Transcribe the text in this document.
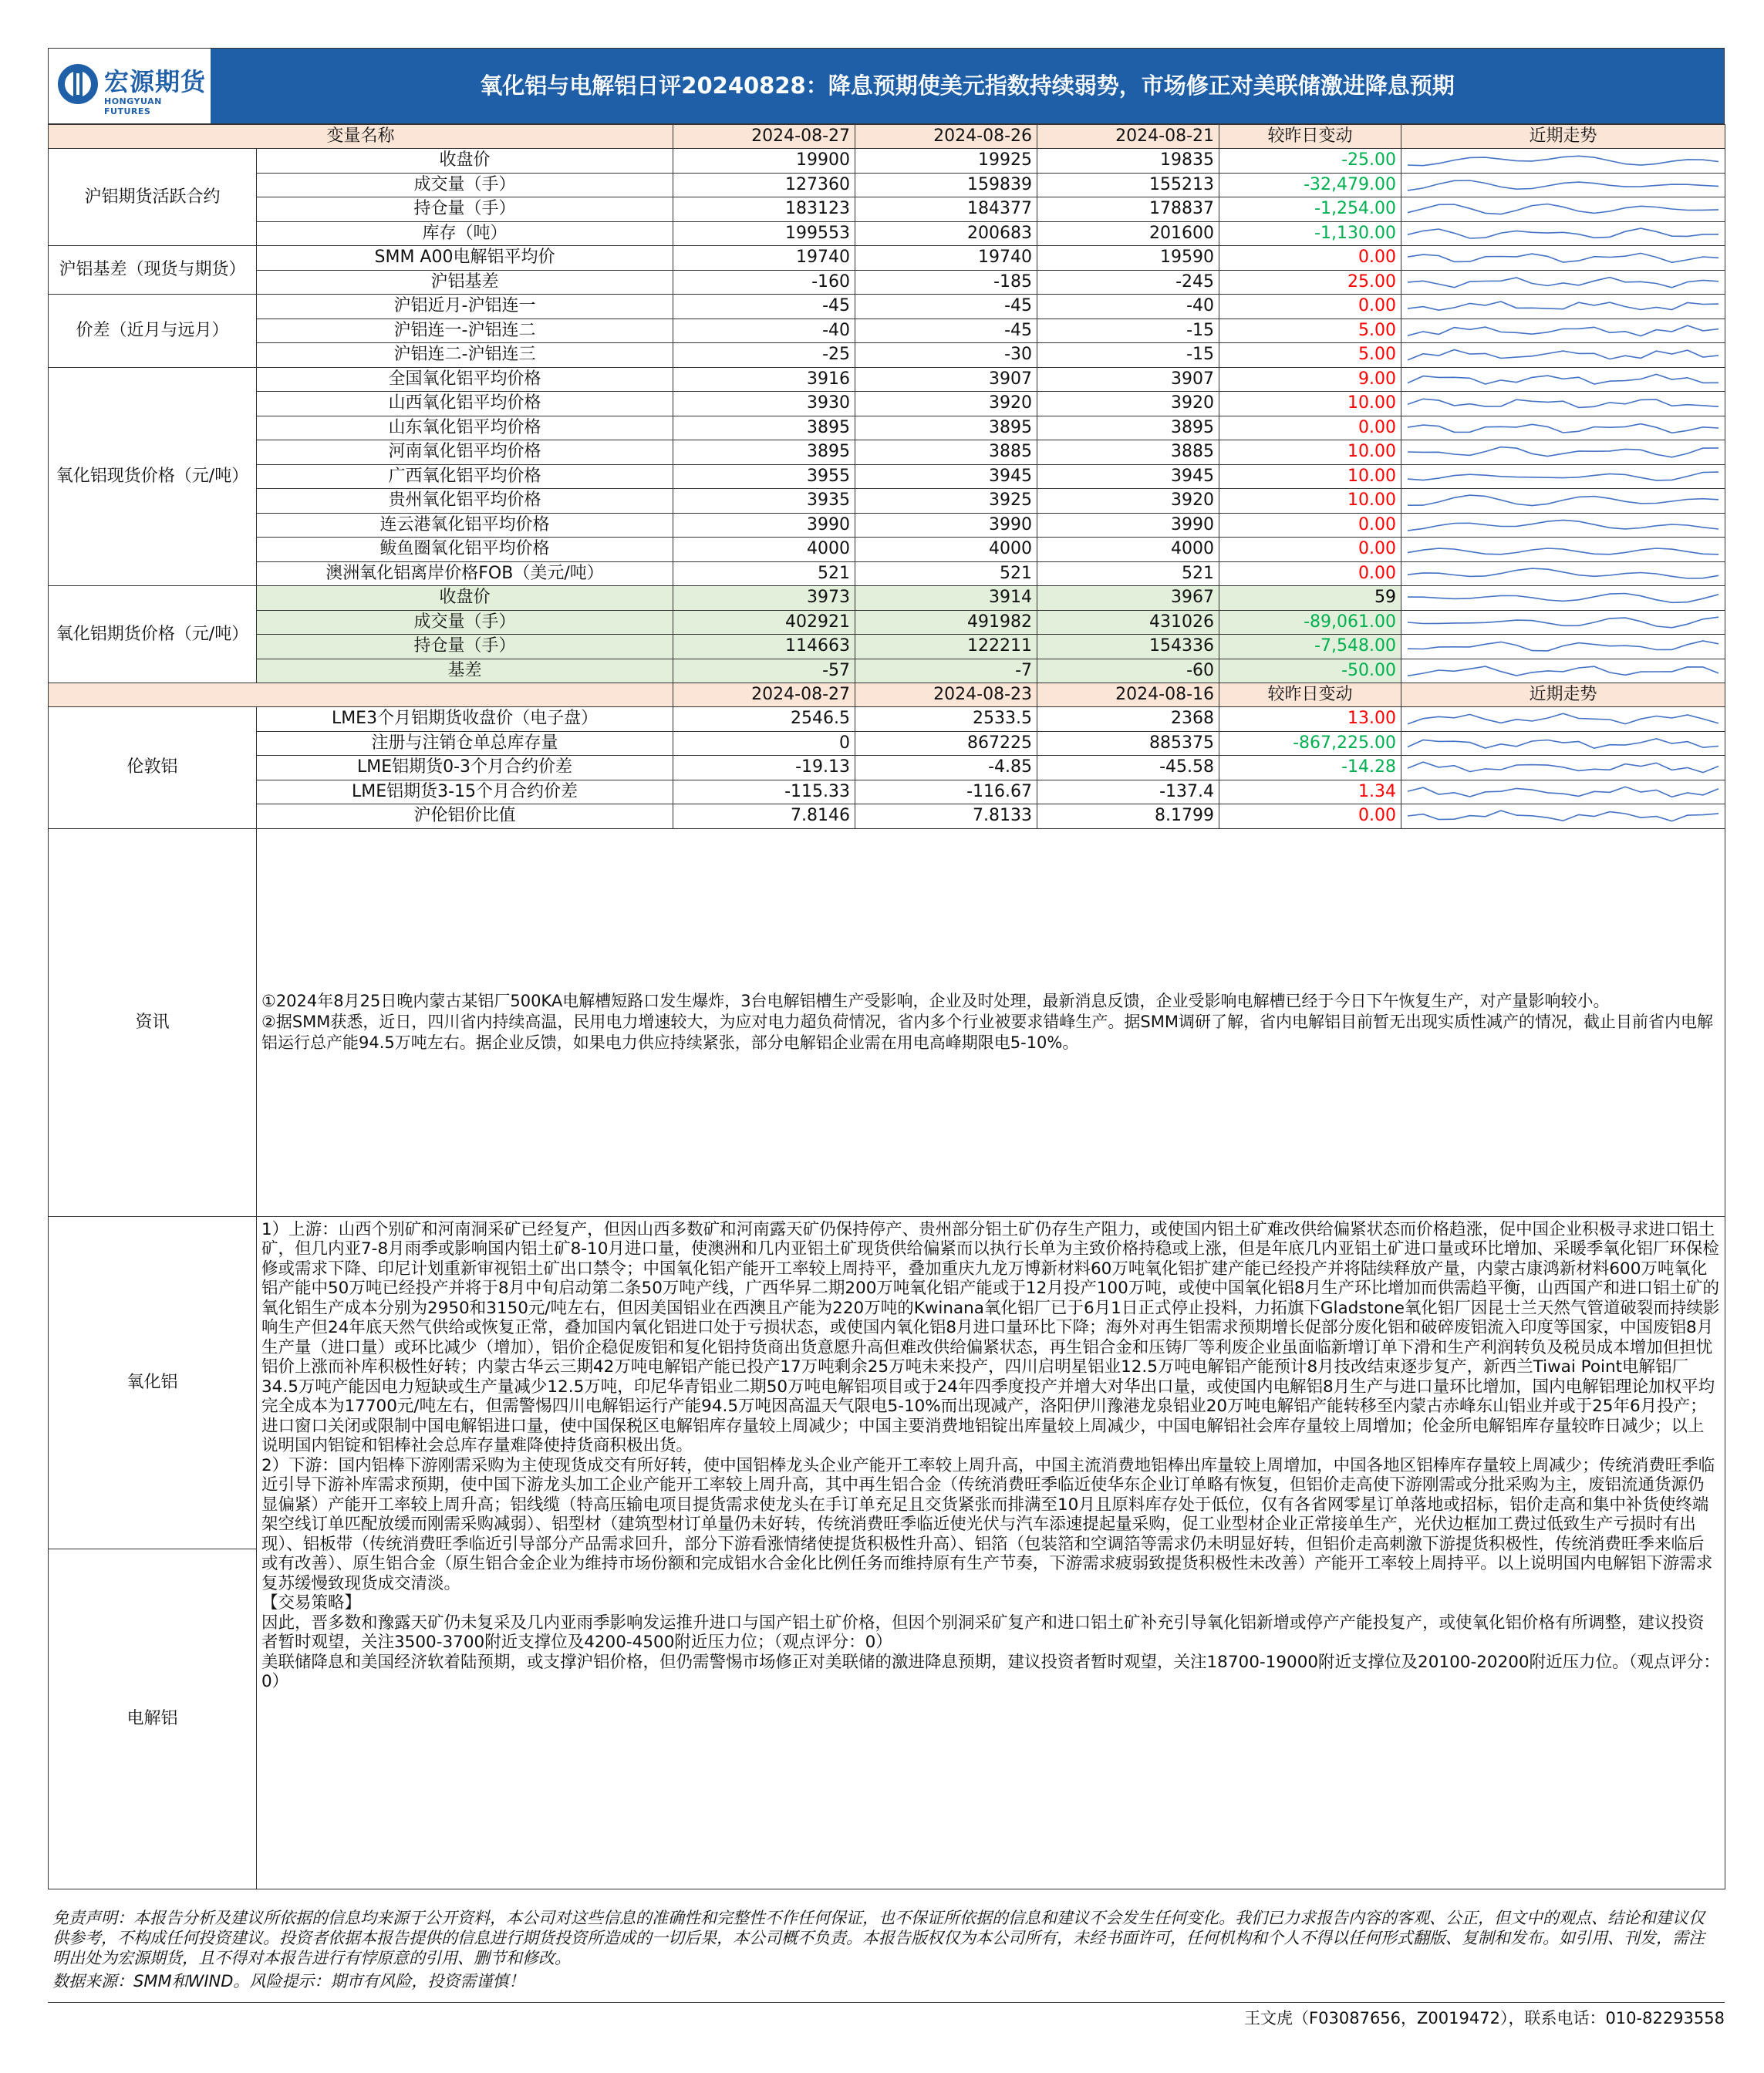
宏源期货
HONGYUAN FUTURES
氧化铝与电解铝日评20240828：降息预期使美元指数持续弱势，市场修正对美联储激进降息预期
变量名称		2024-08-27	2024-08-26	2024-08-21	较昨日变动	近期走势
沪铝期货活跃合约	收盘价	19900	19925	19835	-25.00	

	成交量（手）	127360	159839	155213	-32,479.00	

	持仓量（手）	183123	184377	178837	-1,254.00	

	库存（吨）	199553	200683	201600	-1,130.00	

沪铝基差（现货与期货）	SMM A00电解铝平均价	19740	19740	19590	0.00	

	沪铝基差	-160	-185	-245	25.00	

价差（近月与远月）	沪铝近月-沪铝连一	-45	-45	-40	0.00	

	沪铝连一-沪铝连二	-40	-45	-15	5.00	

	沪铝连二-沪铝连三	-25	-30	-15	5.00	

氧化铝现货价格（元/吨）	全国氧化铝平均价格	3916	3907	3907	9.00	

	山西氧化铝平均价格	3930	3920	3920	10.00	

	山东氧化铝平均价格	3895	3895	3895	0.00	

	河南氧化铝平均价格	3895	3885	3885	10.00	

	广西氧化铝平均价格	3955	3945	3945	10.00	

	贵州氧化铝平均价格	3935	3925	3920	10.00	

	连云港氧化铝平均价格	3990	3990	3990	0.00	

	鲅鱼圈氧化铝平均价格	4000	4000	4000	0.00	

	澳洲氧化铝离岸价格FOB（美元/吨）	521	521	521	0.00	

氧化铝期货价格（元/吨）	收盘价	3973	3914	3967	59	

	成交量（手）	402921	491982	431026	-89,061.00	

	持仓量（手）	114663	122211	154336	-7,548.00	

	基差	-57	-7	-60	-50.00	

		2024-08-27	2024-08-23	2024-08-16	较昨日变动	近期走势
伦敦铝	LME3个月铝期货收盘价（电子盘）	2546.5	2533.5	2368	13.00	

	注册与注销仓单总库存量	0	867225	885375	-867,225.00	

	LME铝期货0-3个月合约价差	-19.13	-4.85	-45.58	-14.28	

	LME铝期货3-15个月合约价差	-115.33	-116.67	-137.4	1.34	

	沪伦铝价比值	7.8146	7.8133	8.1799	0.00	

资讯	①2024年8月25日晚内蒙古某铝厂500KA电解槽短路口发生爆炸，3台电解铝槽生产受影响，企业及时处理，最新消息反馈，企业受影响电解槽已经于今日下午恢复生产，对产量影响较小。

②据SMM获悉，近日，四川省内持续高温，民用电力增速较大，为应对电力超负荷情况，省内多个行业被要求错峰生产。据SMM调研了解，省内电解铝目前暂无出现实质性减产的情况，截止目前省内电解铝运行总产能94.5万吨左右。据企业反馈，如果电力供应持续紧张，部分电解铝企业需在用电高峰期限电5-10%。					

氧化铝	1）上游：山西个别矿和河南洞采矿已经复产，但因山西多数矿和河南露天矿仍保持停产、贵州部分铝土矿仍存生产阻力，或使国内铝土矿难改供给偏紧状态而价格趋涨，促中国企业积极寻求进口铝土矿，但几内亚7-8月雨季或影响国内铝土矿8-10月进口量，使澳洲和几内亚铝土矿现货供给偏紧而以执行长单为主致价格持稳或上涨，但是年底几内亚铝土矿进口量或环比增加、采暖季氧化铝厂环保检修或需求下降、印尼计划重新审视铝土矿出口禁令；中国氧化铝产能开工率较上周持平，叠加重庆九龙万博新材料60万吨氧化铝扩建产能已经投产并将陆续释放产量，内蒙古康鸿新材料600万吨氧化铝产能中50万吨已经投产并将于8月中旬启动第二条50万吨产线，广西华昇二期200万吨氧化铝产能或于12月投产100万吨，或使中国氧化铝8月生产环比增加而供需趋平衡，山西国产和进口铝土矿的氧化铝生产成本分别为2950和3150元/吨左右，但因美国铝业在西澳且产能为220万吨的Kwinana氧化铝厂已于6月1日正式停止投料，力拓旗下Gladstone氧化铝厂因昆士兰天然气管道破裂而持续影响生产但24年底天然气供给或恢复正常，叠加国内氧化铝进口处于亏损状态，或使国内氧化铝8月进口量环比下降；海外对再生铝需求预期增长促部分废化铝和破碎废铝流入印度等国家，中国废铝8月生产量（进口量）或环比减少（增加），铝价企稳促废铝和复化铝持货商出货意愿升高但难改供给偏紧状态，再生铝合金和压铸厂等利废企业虽面临新增订单下滑和生产利润转负及税员成本增加但担忧铝价上涨而补库积极性好转；内蒙古华云三期42万吨电解铝产能已投产17万吨剩余25万吨未来投产，四川启明星铝业12.5万吨电解铝产能预计8月技改结束逐步复产，新西兰Tiwai Point电解铝厂34.5万吨产能因电力短缺或生产量减少12.5万吨，印尼华青铝业二期50万吨电解铝项目或于24年四季度投产并增大对华出口量，或使国内电解铝8月生产与进口量环比增加，国内电解铝理论加权平均完全成本为17700元/吨左右，但需警惕四川电解铝运行产能94.5万吨因高温天气限电5-10%而出现减产，洛阳伊川豫港龙泉铝业20万吨电解铝产能转移至内蒙古赤峰东山铝业并或于25年6月投产；进口窗口关闭或限制中国电解铝进口量，使中国保税区电解铝库存量较上周减少；中国主要消费地铝锭出库量较上周减少，中国电解铝社会库存量较上周增加；伦金所电解铝库存量较昨日减少；以上说明国内铝锭和铝棒社会总库存量难降使持货商积极出货。

2）下游：国内铝棒下游刚需采购为主使现货成交有所好转，使中国铝棒龙头企业产能开工率较上周升高，中国主流消费地铝棒出库量较上周增加，中国各地区铝棒库存量较上周减少；传统消费旺季临近引导下游补库需求预期，使中国下游龙头加工企业产能开工率较上周升高，其中再生铝合金（传统消费旺季临近使华东企业订单略有恢复，但铝价走高使下游刚需或分批采购为主，废铝流通货源仍显偏紧）产能开工率较上周升高；铝线缆（特高压输电项目提货需求使龙头在手订单充足且交货紧张而排满至10月且原料库存处于低位，仅有各省网零星订单落地或招标，铝价走高和集中补货使终端架空线订单匹配放缓而刚需采购减弱）、铝型材（建筑型材订单量仍未好转，传统消费旺季临近使光伏与汽车添速提起量采购，促工业型材企业正常接单生产，光伏边框加工费过低致生产亏损时有出现）、铝板带（传统消费旺季临近引导部分产品需求回升，部分下游看涨情绪使提货积极性升高）、铝箔（包装箔和空调箔等需求仍未明显好转，但铝价走高刺激下游提货积极性，传统消费旺季来临后或有改善）、原生铝合金（原生铝合金企业为维持市场份额和完成铝水合金化比例任务而维持原有生产节奏，下游需求疲弱致提货积极性未改善）产能开工率较上周持平。以上说明国内电解铝下游需求复苏缓慢致现货成交清淡。

【交易策略】

因此，晋多数和豫露天矿仍未复采及几内亚雨季影响发运推升进口与国产铝土矿价格，但因个别洞采矿复产和进口铝土矿补充引导氧化铝新增或停产产能投复产，或使氧化铝价格有所调整，建议投资者暂时观望，关注3500-3700附近支撑位及4200-4500附近压力位；（观点评分：0）

美联储降息和美国经济软着陆预期，或支撑沪铝价格，但仍需警惕市场修正对美联储的激进降息预期，建议投资者暂时观望，关注18700-19000附近支撑位及20100-20200附近压力位。（观点评分：0）					

电解铝						
免责声明：本报告分析及建议所依据的信息均来源于公开资料，本公司对这些信息的准确性和完整性不作任何保证，也不保证所依据的信息和建议不会发生任何变化。我们已力求报告内容的客观、公正，但文中的观点、结论和建议仅供参考，不构成任何投资建议。投资者依据本报告提供的信息进行期货投资所造成的一切后果，本公司概不负责。本报告版权仅为本公司所有，未经书面许可，任何机构和个人不得以任何形式翻版、复制和发布。如引用、刊发，需注明出处为宏源期货，且不得对本报告进行有悖原意的引用、删节和修改。
数据来源：SMM和WIND。风险提示：期市有风险，投资需谨慎！
王文虎（F03087656，Z0019472），联系电话：010-82293558
